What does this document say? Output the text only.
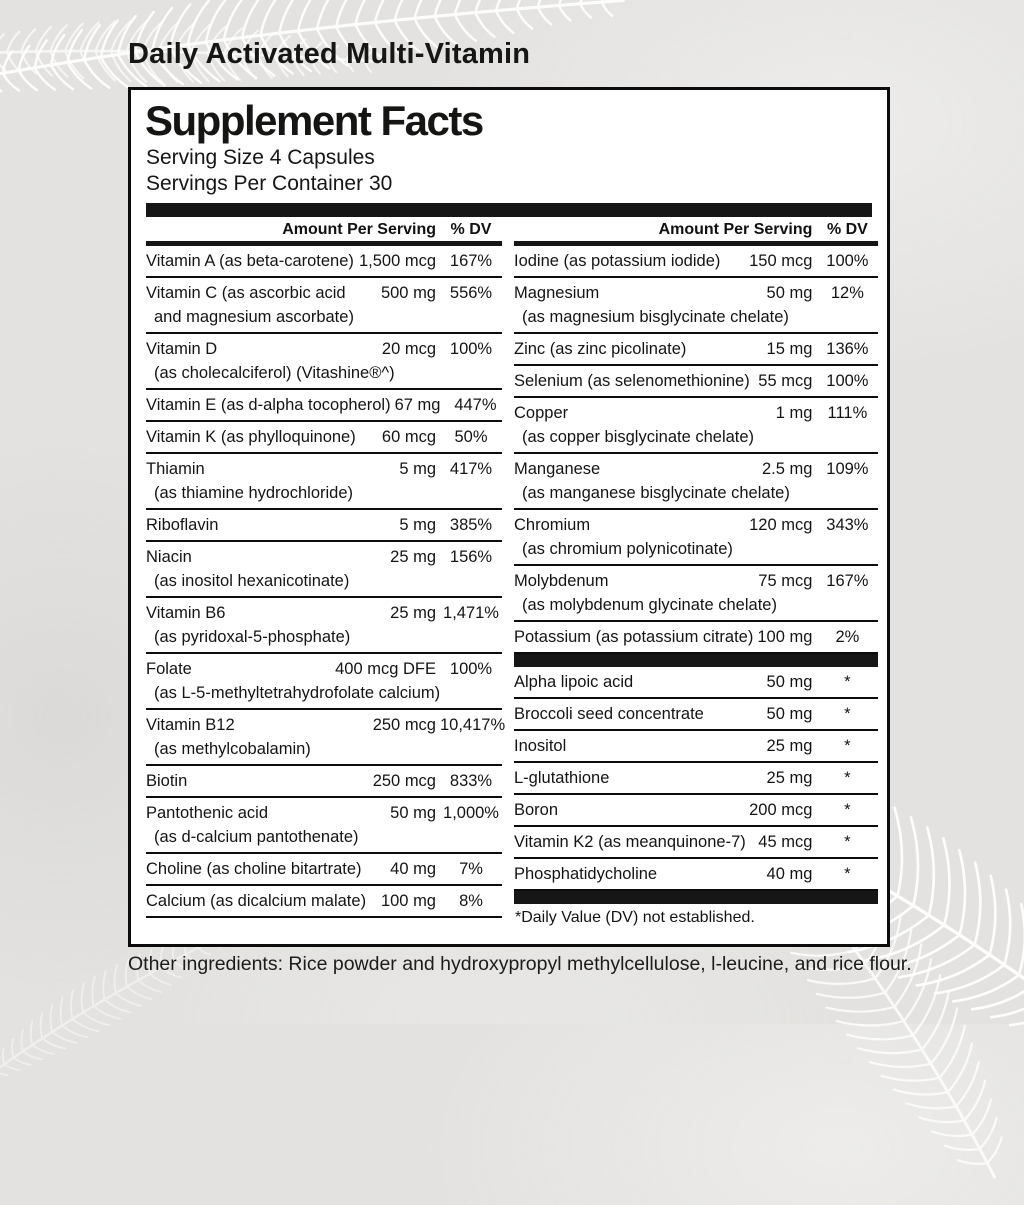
Daily Activated Multi-Vitamin
Supplement Facts

Serving Size 4 Capsules

Servings Per Container 30

Amount Per Serving % DV
Vitamin A (as beta-carotene) 1,500 mcg 167%
Vitamin C (as ascorbic acid	500 mg 556%
and magnesium ascorbate)
Vitamin D	20 mcg 100%
(as cholecalciferol) (Vitashine®^)
Vitamin E (as d-alpha tocopherol) 67 mg 447%
Vitamin K (as phylloquinone)	60 mcg	50%
Thiamin	5 mg 417%
(as thiamine hydrochloride)
Riboflavin	5 mg 385%
Niacin	25 mg 156%
(as inositol hexanicotinate)
Vitamin B6	25 mg 1,471%
(as pyridoxal-5-phosphate)
Folate	400 mcg DFE 100%
(as L-5-methyltetrahydrofolate calcium)
Vitamin B12	250 mcg 10,417%
(as methylcobalamin)
Biotin	250 mcg 833%
Pantothenic acid	50 mg 1,000%
(as d-calcium pantothenate)
Choline (as choline bitartrate)	40 mg	7%
Calcium (as dicalcium malate) 100 mg	8%
Amount Per Serving % DV
Iodine (as potassium iodide)	150 mcg 100%
Magnesium	50 mg	12%
(as magnesium bisglycinate chelate)
Zinc (as zinc picolinate)	15 mg 136%
Selenium (as selenomethionine) 55 mcg 100%
Copper	1 mg 111%
(as copper bisglycinate chelate)
Manganese	2.5 mg 109%
(as manganese bisglycinate chelate)
Chromium	120 mcg 343%
(as chromium polynicotinate)
Molybdenum	75 mcg 167%
(as molybdenum glycinate chelate)
Potassium (as potassium citrate) 100 mg	2%
Alpha lipoic acid	50 mg	*
Broccoli seed concentrate	50 mg	*
Inositol	25 mg	*
L-glutathione	25 mg	*
Boron	200 mcg	*
Vitamin K2 (as meanquinone-7) 45 mcg	*
Phosphatidycholine	40 mg	*
*Daily Value (DV) not established.

Other ingredients: Rice powder and hydroxypropyl methylcellulose, l-leucine, and rice flour.
